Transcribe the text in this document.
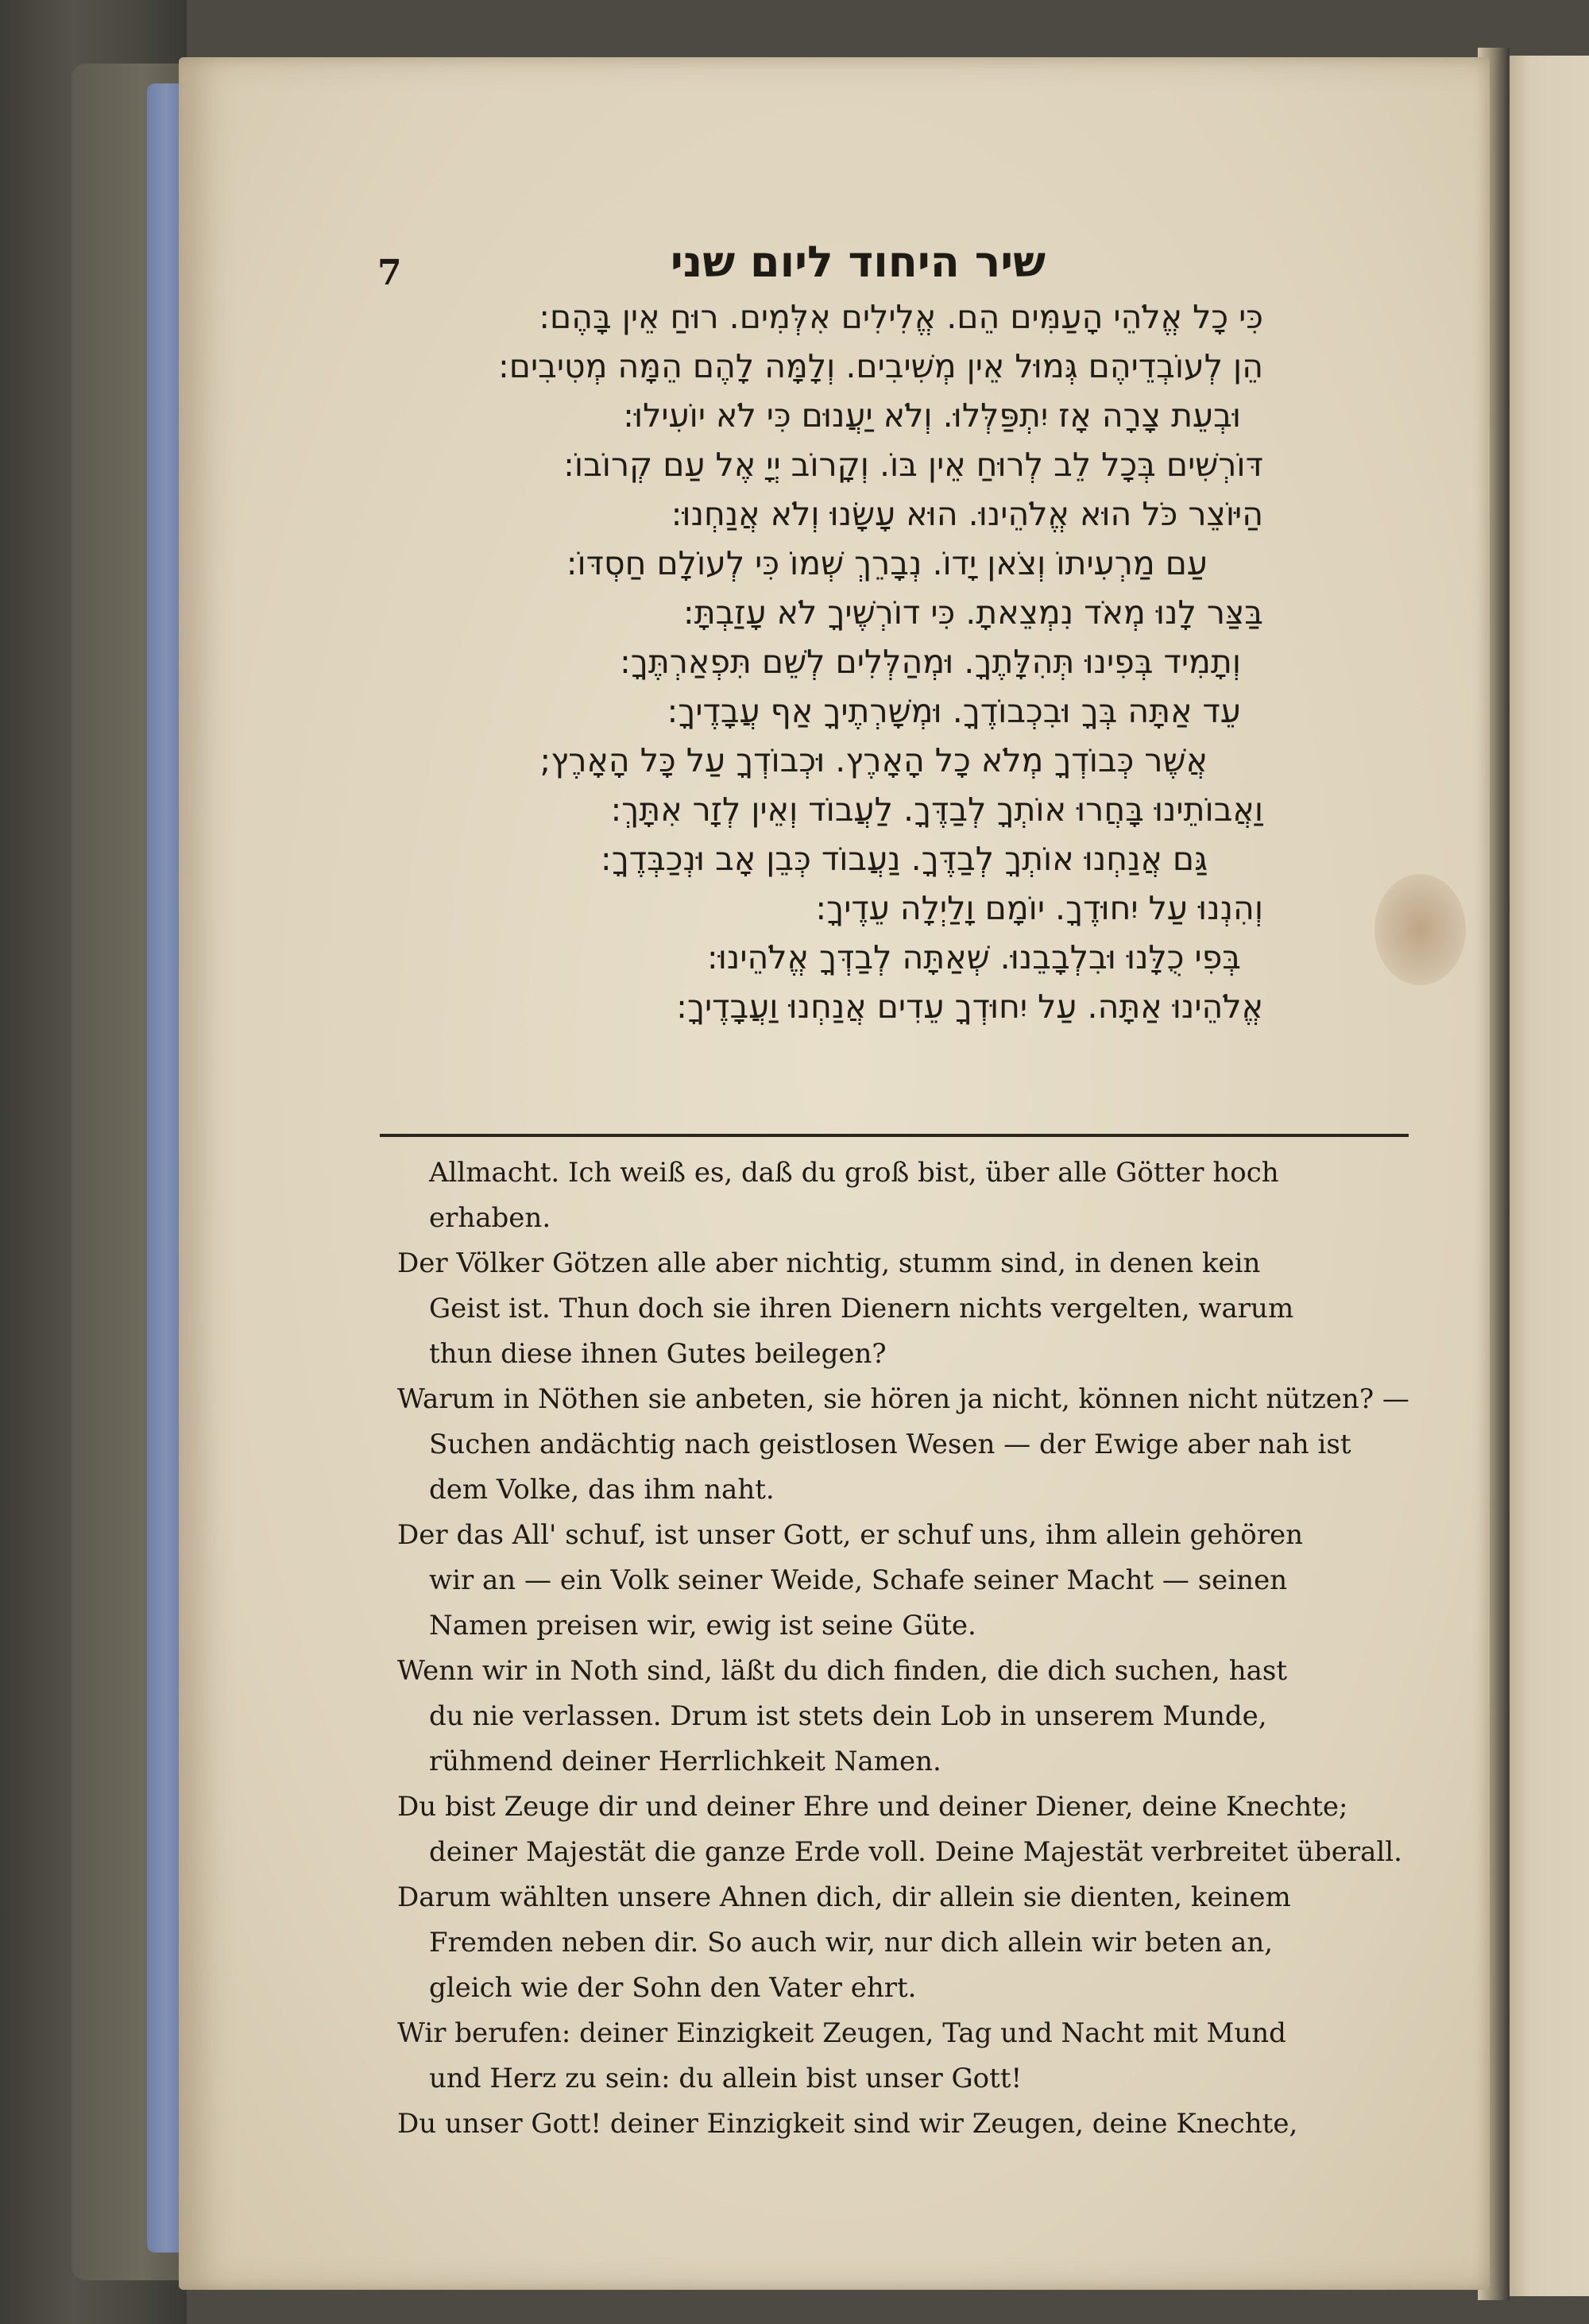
7	שיר היחוד ליום שני
כִּי כָל אֱלֹהֵי הָעַמִּים הֵם. אֱלִילִים אִלְּמִים. רוּחַ אֵין בָּהֶם:
הֵן לְעוֹבְדֵיהֶם גְּמוּל אֵין מְשִׁיבִים. וְלָמָּה לָהֶם הֵמָּה מְטִיבִים:
וּבְעֵת צָרָה אָז יִתְפַּלְּלוּ. וְלֹא יַעֲנוּם כִּי לֹא יוֹעִילוּ:
דּוֹרְשִׁים בְּכָל לֵב לְרוּחַ אֵין בּוֹ. וְקָרוֹב יְיָ אֶל עַם קְרוֹבוֹ:
הַיּוֹצֵר כֹּל הוּא אֱלֹהֵינוּ. הוּא עָשָׂנוּ וְלֹא אֲנַחְנוּ:
עַם מַרְעִיתוֹ וְצֹאן יָדוֹ. נְבָרֵךְ שְׁמוֹ כִּי לְעוֹלָם חַסְדּוֹ:
בַּצַּר לָנוּ מְאֹד נִמְצֵאתָ. כִּי דוֹרְשֶׁיךָ לֹא עָזַבְתָּ:
וְתָמִיד בְּפִינוּ תְּהִלָּתֶךָ. וּמְהַלְּלִים לְשֵׁם תִּפְאַרְתֶּךָ:
עֵד אַתָּה בְּךָ וּבִכְבוֹדֶךָ. וּמְשָׁרְתֶיךָ אַף עֲבָדֶיךָ:
אֲשֶׁר כְּבוֹדְךָ מְלֹא כָל הָאָרֶץ. וּכְבוֹדְךָ עַל כָּל הָאָרֶץ;
וַאֲבוֹתֵינוּ בָּחֲרוּ אוֹתְךָ לְבַדֶּךָ. לַעֲבוֹד וְאֵין לְזָר אִתָּךְ:
גַּם אֲנַחְנוּ אוֹתְךָ לְבַדֶּךָ. נַעֲבוֹד כְּבֵן אָב וּנְכַבְּדֶךָ:
וְהִנְנוּ עַל יִחוּדֶךָ. יוֹמָם וָלַיְלָה עֵדֶיךָ:
בְּפִי כֻלָּנוּ וּבִלְבָבֵנוּ. שְׁאַתָּה לְבַדְּךָ אֱלֹהֵינוּ:
אֱלֹהֵינוּ אַתָּה. עַל יִחוּדְךָ עֵדִים אֲנַחְנוּ וַעֲבָדֶיךָ:
Allmacht. Ich weiß es, daß du groß bist, über alle Götter hoch
erhaben.
Der Völker Götzen alle aber nichtig, stumm sind, in denen kein
Geist ist. Thun doch sie ihren Dienern nichts vergelten, warum
thun diese ihnen Gutes beilegen?
Warum in Nöthen sie anbeten, sie hören ja nicht, können nicht nützen? —
Suchen andächtig nach geistlosen Wesen — der Ewige aber nah ist
dem Volke, das ihm naht.
Der das All' schuf, ist unser Gott, er schuf uns, ihm allein gehören
wir an — ein Volk seiner Weide, Schafe seiner Macht — seinen
Namen preisen wir, ewig ist seine Güte.
Wenn wir in Noth sind, läßt du dich finden, die dich suchen, hast
du nie verlassen. Drum ist stets dein Lob in unserem Munde,
rühmend deiner Herrlichkeit Namen.
Du bist Zeuge dir und deiner Ehre und deiner Diener, deine Knechte;
deiner Majestät die ganze Erde voll. Deine Majestät verbreitet überall.
Darum wählten unsere Ahnen dich, dir allein sie dienten, keinem
Fremden neben dir. So auch wir, nur dich allein wir beten an,
gleich wie der Sohn den Vater ehrt.
Wir berufen: deiner Einzigkeit Zeugen, Tag und Nacht mit Mund
und Herz zu sein: du allein bist unser Gott!
Du unser Gott! deiner Einzigkeit sind wir Zeugen, deine Knechte,
